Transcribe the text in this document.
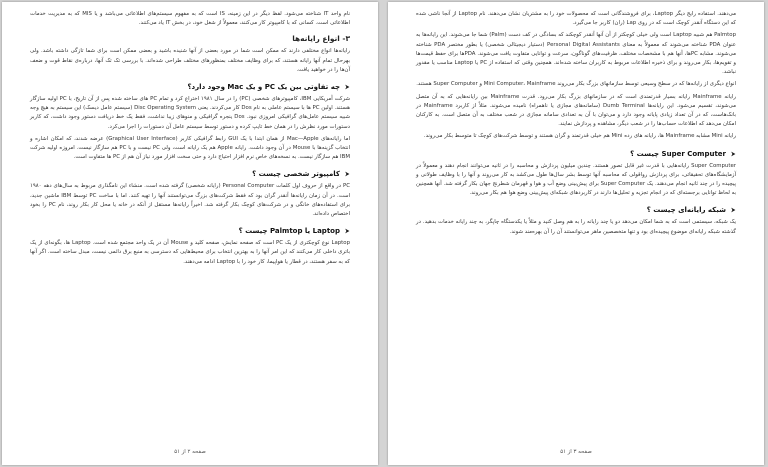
نام واحد IT شناخته می‌شود. لفظ دیگر در این زمینه، IS است که به مفهوم سیستم‌های اطلاعاتی می‌باشد و یا MIS که به مدیریت خدمات اطلاعاتی است. کسانی که با کامپیوتر کار می‌کنند، معمولاً از شغل خود، در بخش IT یاد می‌کنند.

۳- انواع رایانه‌ها

رایانه‌ها انواع مختلفی دارند که ممکن است شما در مورد بعضی از آنها شنیده باشید و بعضی ممکن است برای شما تازگی داشته باشد. ولی بهرحال تمام آنها رایانه هستند، که برای وظایف مختلف بمنظورهای مختلف طراحی شده‌اند. با بررسی تک تک آنها، درباره‌ی نقاط قوت و ضعف آن‌ها را در خواهید یافت.

چه تفاوتی بین یک PC و یک Mac وجود دارد؟

شرکت آمریکایی IBM، کامپیوترهای شخصی (PC) را در سال ۱۹۸۱ اختراع کرد و تمام PC های ساخته شده پس از آن تاریخ، با PC اولیه سازگار هستند. اولین PC ها با سیستم عاملی به نام Dos کار می‌کردند. یعنی Disc Operating System (سیستم عامل دیسک) این سیستم به هیچ وجه شبیه سیستم عامل‌های گرافیکی امروزی نبود. Dos ینجره گرافیکی و منوهای زیبا نداشت، فقط یک خط دریافت دستور وجود داشت، که کاربر دستورات مورد نظرش را در همان خط تایپ کرده و دستور توسط سیستم عامل آن دستورات را اجرا می‌کرد.

اما رایانه‌های Mac—Apple از همان ابتدا با یک GUI رابط گرافیکی کاربر (Graphical User Interface) عرضه شدند، که امکان اشاره و انتخاب گزینه‌ها با Mouse در آن وجود داشت. رایانه Apple هم یک رایانه است، ولی PC نیست و با PC هم سازگار نیست. امروزه اولیه شرکت IBM هم سازگار نیست. به نسخه‌های خاص نرم افزار احتیاج دارد و حتی سخت افزار مورد نیاز آن هم از PC ها متفاوت است.

کامپیوتر شخصی چیست ؟

PC در واقع از حروف اول کلمات Personal Computer (رایانه شخصی) گرفته شده است. منشاء این نامگذاری مربوط به سال‌های دهه ۱۹۸۰ است. در آن زمان رایانه‌ها آنقدر گران بود که فقط شرکت‌های بزرگ می‌توانستند آنها را تهیه کنند. اما با ساخت PC توسط IBM ماشین جدید، برای استفاده‌های خانگی و در شرکت‌های کوچک بکار گرفته شد. اخیراً رایانه‌ها مستقل از آنکه در خانه یا محل کار بکار روند، نام PC را بخود اختصاص داده‌اند.

Laptop یا Palmtop چیست ؟

Laptop نوع کوچکتری از یک PC است که صفحه نمایش، صفحه کلید و Mouse آن در یک واحد مجتمع شده است. Laptop ها، بگونه‌ای از یک باتری داخلی کار می‌کنند که این امر آنها را به بهترین انتخاب برای محیط‌هایی که دسترسی به منبع برق دائمی نیست، مبدل ساخته است. اگر آنها که به سفر هستند، در قطار یا هواپیما، کار خود را با Laptop ادامه می‌دهند.

صفحه ۲ از ۵۱

می‌دهند. استفاده رایج دیگر Laptop، برای فروشندگانی است که محصولات خود را به مشتریان نشان می‌دهند. نام Laptop از آنجا ناشی شده که این دستگاه آنقدر کوچک است که در روی Lap (ران) کاربر جا می‌گیرد.

Palmtop هم شبیه Laptop است ولی خیلی کوچکتر از آن آنها آنقدر کوچکند که بسادگی در کف دست (Palm) شما جا می‌شوند. این رایانه‌ها به عنوان PDA شناخته می‌شوند که معمولاً به معنای Personal Digital Assistants (دستیار دیجیتالی شخصی) یا بطور مختصر PDA شناخته می‌شوند. مشابه PCها، آنها هم با مشخصات مختلف، ظرفیت‌های گوناگون، سرعت و توانایی متفاوت یافت می‌شوند. PDAها برای حفظ قیمت‌ها و تقویم‌ها، بکار می‌روند و برای ذخیره اطلاعات مربوط به کاربران ساخته شده‌اند. همچنین وقتی که استفاده از PC یا Laptop مناسب یا مقدور نباشد.

انواع دیگری از رایانه‌ها که در سطح وسیعی توسط سازمانهای بزرگ بکار می‌روند Mini Computer، Mainframe و Super Computer هستند.

رایانه Mainframe رایانه بسیار قدرتمندی است که در سازمانهای بزرگ بکار می‌رود. قدرت Mainframe بین رایانه‌هایی که به آن متصل می‌شوند، تقسیم می‌شود. این رایانه‌ها Dumb Terminal (سامانه‌های مجازی یا ناهمراه) نامیده می‌شوند. مثلاً از کاربرد Mainframe در بانک‌هاست، که در آن تعداد زیادی پایانه وجود دارد و می‌توان با آن به تعدادی سامانه مجازی در شعب مختلف به آن متصل است. به کارکنان امکان می‌دهد که اطلاعات حساب‌ها را در شعب دیگر، مشاهده و پردازش نمایند.

رایانه Mini مشابه Mainframe ها، رایانه های رده Mini هم خیلی قدرتمند و گران هستند و توسط شرکت‌های کوچک تا متوسط بکار می‌روند.

Super Computer چیست ؟

Super Computer رایانه‌هایی با قدرت غیر قابل تصور هستند. چندین میلیون پردازش و محاسبه را در ثانیه می‌توانند انجام دهند و معمولاً در آزمایشگاه‌های تحقیقاتی، برای پردازش رواقولی که محاسبه آنها توسط بشر سال‌ها طول می‌کشد به کار می‌روند و آنها را با وظایف طولانی و پیچیده را در چند ثانیه انجام می‌دهند. یک Super Computer برای پیش‌بینی وضع آب و هوا و قهرمان شطرنج جهان بکار گرفته شد. آنها همچنین به لحاظ توانایی برجسته‌ای که در انجام تجزیه و تحلیل‌ها دارند در کاربردهای شبکه‌ای پیش‌بینی وضع هوا هم بکار می‌روند.

شبکه رایانه‌ای چیست ؟

یک شبکه، سیستمی است که به شما امکان می‌دهد دو یا چند رایانه را به هم وصل کنید و مثلاً یا یکدستگاه چاپگر، به چند رایانه خدمات بدهید. در گذشته شبکه رایانه‌ای موضوع پیچیده‌ای بود و تنها متخصصین ماهر می‌توانستند آن را آن بهره‌مند شوند.

صفحه ۳ از ۵۱
